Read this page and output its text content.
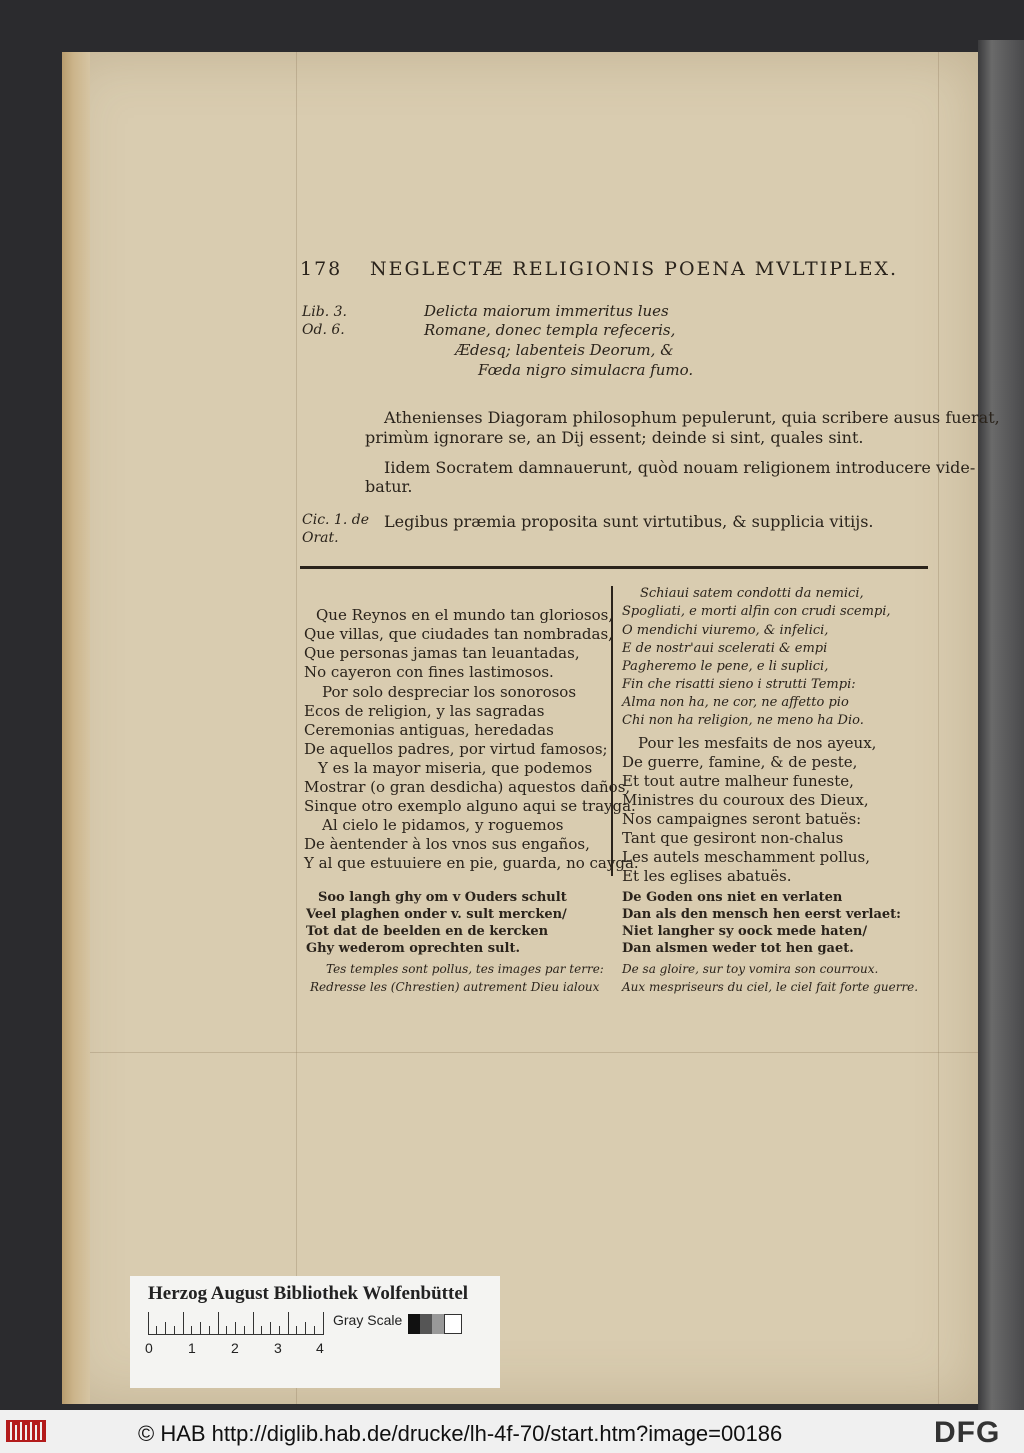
178 NEGLECTÆ RELIGIONIS POENA MVLTIPLEX.
Lib. 3.
Od. 6.
Delicta maiorum immeritus lues
Romane, donec templa refeceris,
Ædesq; labenteis Deorum, &
Fœda nigro simulacra fumo.
Athenienses Diagoram philosophum pepulerunt, quia scribere ausus fuerat,
primùm ignorare se, an Dij essent; deinde si sint, quales sint.
Iidem Socratem damnauerunt, quòd nouam religionem introducere vide-
batur.
Cic. 1. de
Orat.
Legibus præmia proposita sunt virtutibus, & supplicia vitijs.
Que Reynos en el mundo tan gloriosos,
Que villas, que ciudades tan nombradas,
Que personas jamas tan leuantadas,
No cayeron con fines lastimosos.
Por solo despreciar los sonorosos
Ecos de religion, y las sagradas
Ceremonias antiguas, heredadas
De aquellos padres, por virtud famosos;
Y es la mayor miseria, que podemos
Mostrar (o gran desdicha) aquestos daños,
Sinque otro exemplo alguno aqui se trayga.
Al cielo le pidamos, y roguemos
De àentender à los vnos sus engaños,
Y al que estuuiere en pie, guarda, no cayga.
Schiaui satem condotti da nemici,
Spogliati, e morti alfin con crudi scempi,
O mendichi viuremo, & infelici,
E de nostr'aui scelerati & empi
Pagheremo le pene, e li suplici,
Fin che risatti sieno i strutti Tempi:
Alma non ha, ne cor, ne affetto pio
Chi non ha religion, ne meno ha Dio.
Pour les mesfaits de nos ayeux,
De guerre, famine, & de peste,
Et tout autre malheur funeste,
Ministres du couroux des Dieux,
Nos campaignes seront batuës:
Tant que gesiront non-chalus
Les autels meschamment pollus,
Et les eglises abatuës.
Soo langh ghy om v Ouders schult
Veel plaghen onder v. sult mercken/
Tot dat de beelden en de kercken
Ghy wederom oprechten sult.
De Goden ons niet en verlaten
Dan als den mensch hen eerst verlaet:
Niet langher sy oock mede haten/
Dan alsmen weder tot hen gaet.
Tes temples sont pollus, tes images par terre:
Redresse les (Chrestien) autrement Dieu ialoux
De sa gloire, sur toy vomira son courroux.
Aux mespriseurs du ciel, le ciel fait forte guerre.
Herzog August Bibliothek Wolfenbüttel
0	1	2	3 4
Gray Scale
© HAB http://diglib.hab.de/drucke/lh-4f-70/start.htm?image=00186	DFG
